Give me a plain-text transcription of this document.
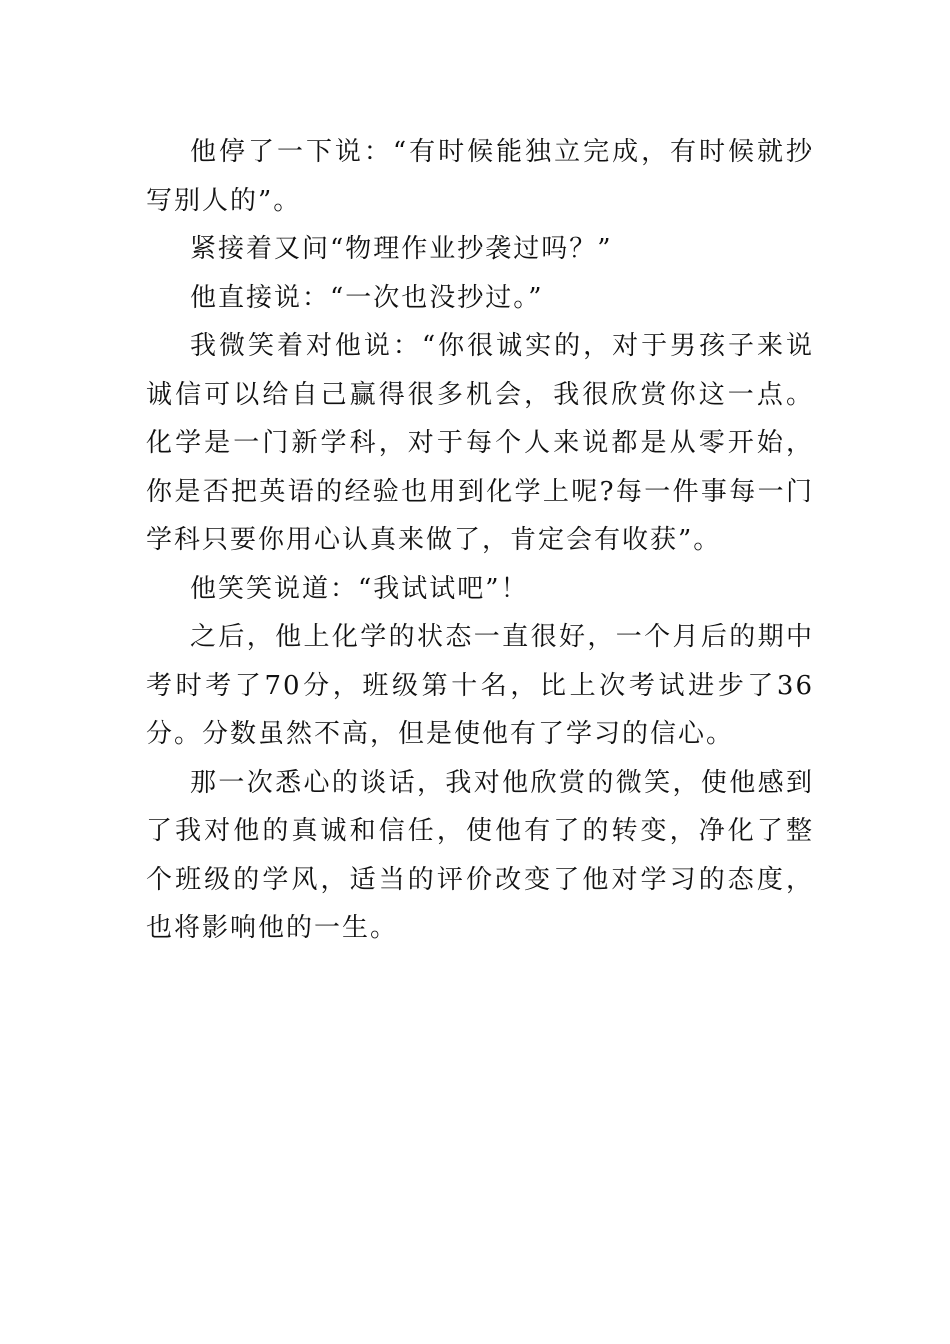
他停了一下说：“有时候能独立完成，有时候就抄写别人的”。

紧接着又问“物理作业抄袭过吗？”

他直接说：“一次也没抄过。”

我微笑着对他说：“你很诚实的，对于男孩子来说诚信可以给自己赢得很多机会，我很欣赏你这一点。化学是一门新学科，对于每个人来说都是从零开始，你是否把英语的经验也用到化学上呢?每一件事每一门学科只要你用心认真来做了，肯定会有收获”。

他笑笑说道：“我试试吧”！

之后，他上化学的状态一直很好，一个月后的期中考时考了70分，班级第十名，比上次考试进步了36分。分数虽然不高，但是使他有了学习的信心。

那一次悉心的谈话，我对他欣赏的微笑，使他感到了我对他的真诚和信任，使他有了的转变，净化了整个班级的学风，适当的评价改变了他对学习的态度，也将影响他的一生。
